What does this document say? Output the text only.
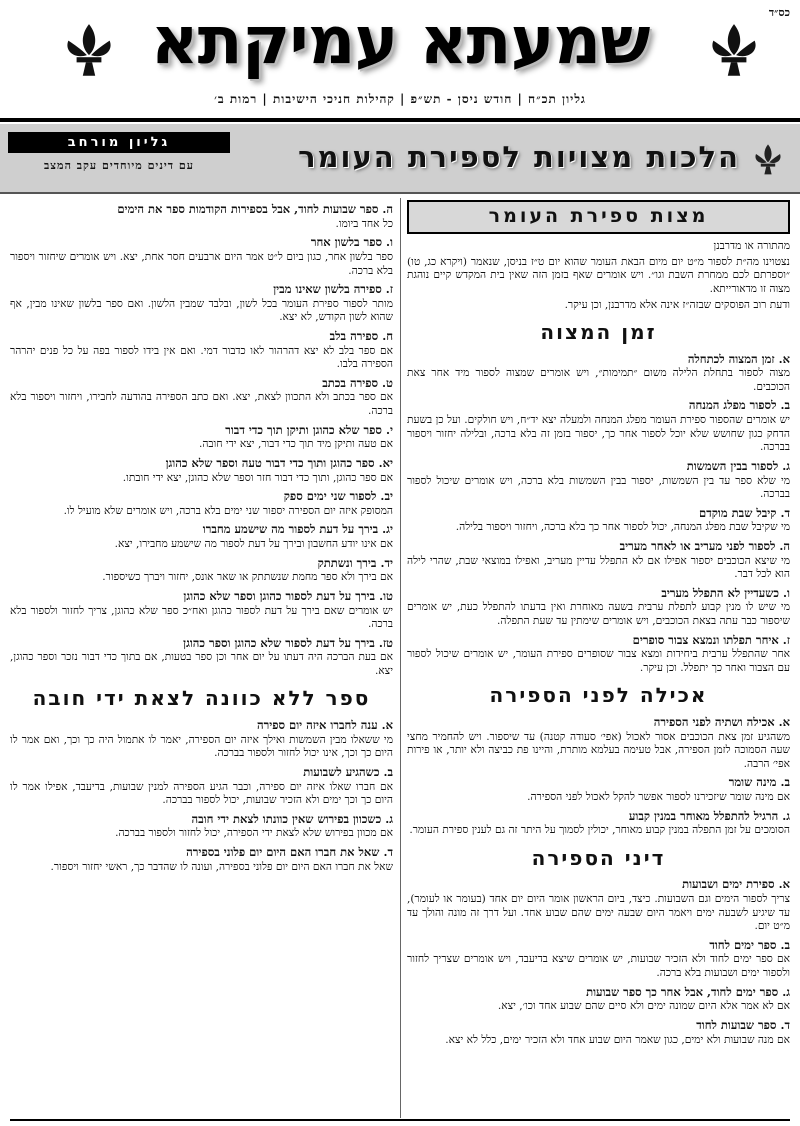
כס״ד
שמעתא עמיקתא
גליון תכ״ח | חודש ניסן - תש״פ | קהילות חניכי הישיבות | רמות ב׳
הלכות מצויות לספירת העומר
גליון מורחב
עם דינים מיוחדים עקב המצב
מצות ספירת העומר

מהתורה או מדרבנן

נצטוינו מה״ת לספור מ״ט יום מיום הבאת העומר שהוא יום ט״ז בניסן, שנאמר (ויקרא כג, טו) ״וספרתם לכם ממחרת השבת וגו״. ויש אומרים שאף בזמן הזה שאין בית המקדש קיים נוהגת מצוה זו מדאורייתא.

ודעת רוב הפוסקים שבזה״ז אינה אלא מדרבנן, וכן עיקר.

זמן המצוה
א. זמן המצוה לכתחלה

מצוה לספור בתחלת הלילה משום ״תמימות״, ויש אומרים שמצוה לספור מיד אחר צאת הכוכבים.

ב. לספור מפלג המנחה

יש אומרים שהספור ספירת העומר מפלג המנחה ולמעלה יצא יד״ח, ויש חולקים. ועל כן בשעת הדחק כגון שחושש שלא יוכל לספור אחר כך, יספור בזמן זה בלא ברכה, ובלילה יחזור ויספור בברכה.

ג. לספור בבין השמשות

מי שלא ספר עד בין השמשות, יספור בבין השמשות בלא ברכה, ויש אומרים שיכול לספור בברכה.

ד. קיבל שבת מוקדם

מי שקיבל שבת מפלג המנחה, יכול לספור אחר כך בלא ברכה, ויחזור ויספור בלילה.

ה. לספור לפני מעריב או לאחר מעריב

מי שיצא הכוכבים יספור אפילו אם לא התפלל עדיין מעריב, ואפילו במוצאי שבת, שהרי לילה הוא לכל דבר.

ו. כשעדיין לא התפלל מעריב

מי שיש לו מנין קבוע לתפלת ערבית בשעה מאוחרת ואין בדעתו להתפלל כעת, יש אומרים שיספור כבר עתה בצאת הכוכבים, ויש אומרים שימתין עד שעת התפלה.

ז. איחר תפלתו ונמצא צבור סופרים

אחר שהתפלל ערבית ביחידות ומצא צבור שסופרים ספירת העומר, יש אומרים שיכול לספור עם הצבור ואחר כך יתפלל. וכן עיקר.

אכילה לפני הספירה
א. אכילה ושתיה לפני הספירה

משהגיע זמן צאת הכוכבים אסור לאכול (אפי׳ סעודה קטנה) עד שיספור. ויש להחמיר מחצי שעה הסמוכה לזמן הספירה, אבל טעימה בעלמא מותרת, והיינו פת כביצה ולא יותר, או פירות אפי׳ הרבה.

ב. מינה שומר

אם מינה שומר שיזכירנו לספור אפשר להקל לאכול לפני הספירה.

ג. הרגיל להתפלל מאוחר במנין קבוע

הסומכים על זמן התפלה במנין קבוע מאוחר, יכולין לסמוך על היתר זה גם לענין ספירת העומר.

דיני הספירה
א. ספירת ימים ושבועות

צריך לספור הימים וגם השבועות. כיצד, ביום הראשון אומר היום יום אחד (בעומר או לעומר), עד שיגיע לשבעה ימים ויאמר היום שבעה ימים שהם שבוע אחד. ועל דרך זה מונה והולך עד מ״ט יום.

ב. ספר ימים לחוד

אם ספר ימים לחוד ולא הזכיר שבועות, יש אומרים שיצא בדיעבד, ויש אומרים שצריך לחזור ולספור ימים ושבועות בלא ברכה.

ג. ספר ימים לחוד, אבל אחר כך ספר שבועות

אם לא אמר אלא היום שמונה ימים ולא סיים שהם שבוע אחד וכו׳, יצא.

ד. ספר שבועות לחוד

אם מנה שבועות ולא ימים, כגון שאמר היום שבוע אחד ולא הזכיר ימים, כלל לא יצא.

ה. ספר שבועות לחוד, אבל בספירות הקודמות ספר את הימים

כל אחד ביומו.

ו. ספר בלשון אחר

ספר בלשון אחר, כגון ביום ל״ט אמר היום ארבעים חסר אחת, יצא. ויש אומרים שיחזור ויספור בלא ברכה.

ז. ספירה בלשון שאינו מבין

מותר לספור ספירת העומר בכל לשון, ובלבד שמבין הלשון. ואם ספר בלשון שאינו מבין, אף שהוא לשון הקודש, לא יצא.

ח. ספירה בלב

אם ספר בלב לא יצא דהרהור לאו כדבור דמי. ואם אין בידו לספור בפה על כל פנים יהרהר הספירה בלבו.

ט. ספירה בכתב

אם ספר בכתב ולא התכוון לצאת, יצא. ואם כתב הספירה בהודעה לחבירו, ויחזור ויספור בלא ברכה.

י. ספר שלא כהוגן ותיקן תוך כדי דבור

אם טעה ותיקן מיד תוך כדי דבור, יצא ידי חובה.

יא. ספר כהוגן ותוך כדי דבור טעה וספר שלא כהוגן

אם ספר כהוגן, ותוך כדי דבור חזר וספר שלא כהוגן, יצא ידי חובתו.

יב. לספור שני ימים ספק

המסופק איזה יום הספירה יספור שני ימים בלא ברכה, ויש אומרים שלא מועיל לו.

יג. בירך על דעת לספור מה שישמע מחברו

אם אינו יודע החשבון ובירך על דעת לספור מה שישמע מחבירו, יצא.

יד. בירך ונשתתק

אם בירך ולא ספר מחמת שנשתתק או שאר אונס, יחזור ויברך כשיספור.

טו. בירך על דעת לספור כהוגן וספר שלא כהוגן

יש אומרים שאם בירך על דעת לספור כהוגן ואח״כ ספר שלא כהוגן, צריך לחזור ולספור בלא ברכה.

טז. בירך על דעת לספור שלא כהוגן וספר כהוגן

אם בעת הברכה היה דעתו על יום אחר וכן ספר בטעות, אם בתוך כדי דבור נזכר וספר כהוגן, יצא.

ספר ללא כוונה לצאת ידי חובה
א. ענה לחברו איזה יום ספירה

מי ששאלו מבין השמשות ואילך איזה יום הספירה, יאמר לו אתמול היה כך וכך, ואם אמר לו היום כך וכך, אינו יכול לחזור ולספור בברכה.

ב. כשהגיע לשבועות

אם חברו שאלו איזה יום ספירה, וכבר הגיע הספירה למנין שבועות, בדיעבד, אפילו אמר לו היום כך וכך ימים ולא הזכיר שבועות, יכול לספור בברכה.

ג. כשכוון בפירוש שאין כוונתו לצאת ידי חובה

אם מכוון בפירוש שלא לצאת ידי הספירה, יכול לחזור ולספור בברכה.

ד. שאל את חברו האם היום יום פלוני בספירה

שאל את חברו האם היום יום פלוני בספירה, ועונה לו שהדבר כך, ראשי יחזור ויספור.
